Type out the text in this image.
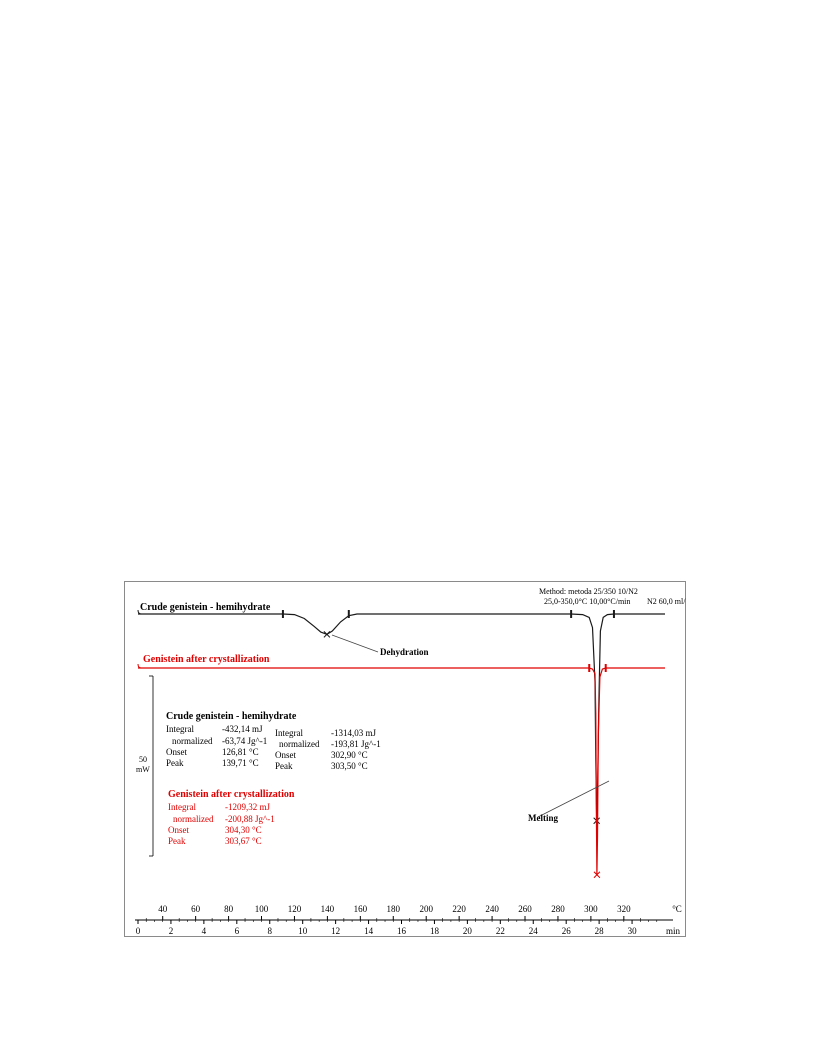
0	2	4	6	8	10	12	14	16	18	20	22	24	26	28	30	min
40	60	80 100 120 140 160 180 200 220 240 260 280 300 320	°C
Method: metoda 25/350 10/N2
25,0-350,0°C 10,00°C/min N2 60,0 ml/
Crude genistein - hemihydrate
Genistein after crystallization
Dehydration
Melting
50
mW
Crude genistein - hemihydrate
Integral	-432,14 mJ
normalized -63,74 Jg^-1
Onset	126,81 °C
Peak	139,71 °C
Integral	-1314,03 mJ
normalized -193,81 Jg^-1
Onset	302,90 °C
Peak	303,50 °C
Genistein after crystallization
Integral	-1209,32 mJ
normalized -200,88 Jg^-1
Onset	304,30 °C
Peak	303,67 °C
